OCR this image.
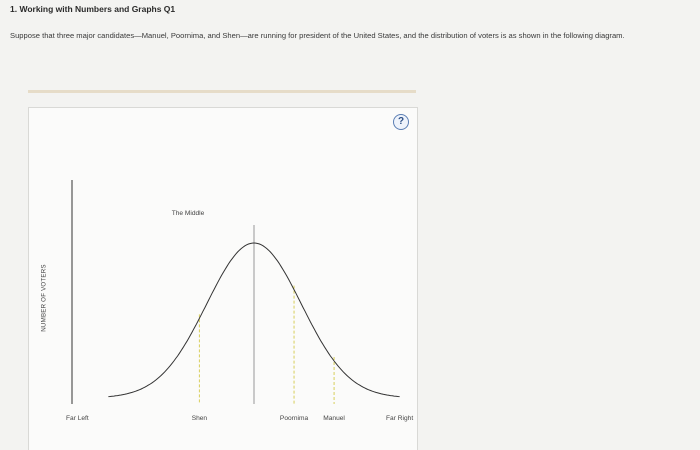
1. Working with Numbers and Graphs Q1
Suppose that three major candidates—Manuel, Poornima, and Shen—are running for president of the United States, and the distribution of voters is as shown in the following diagram.
?
NUMBER OF VOTERS
The Middle
Far Left	Shen	Poornima Manuel	Far Right
